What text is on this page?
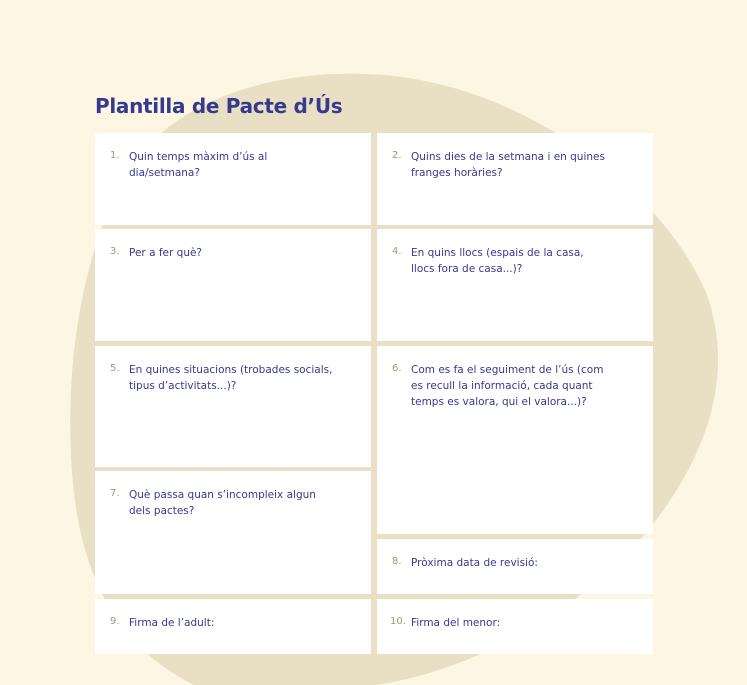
Plantilla de Pacte d’Ús
1. Quin temps màxim d’ús al dia/setmana?
2. Quins dies de la setmana i en quines
franges horàries?
3. Per a fer què?	4. En quins llocs (espais de la casa,
llocs fora de casa...)?
5. En quines situacions (trobades socials,
tipus d’activitats...)?
6. Com es fa el seguiment de l’ús (com
es recull la informació, cada quant
temps es valora, qui el valora...)?
7. Què passa quan s’incompleix algun
dels pactes?
8. Pròxima data de revisió:
9. Firma de l’adult:	10. Firma del menor:
